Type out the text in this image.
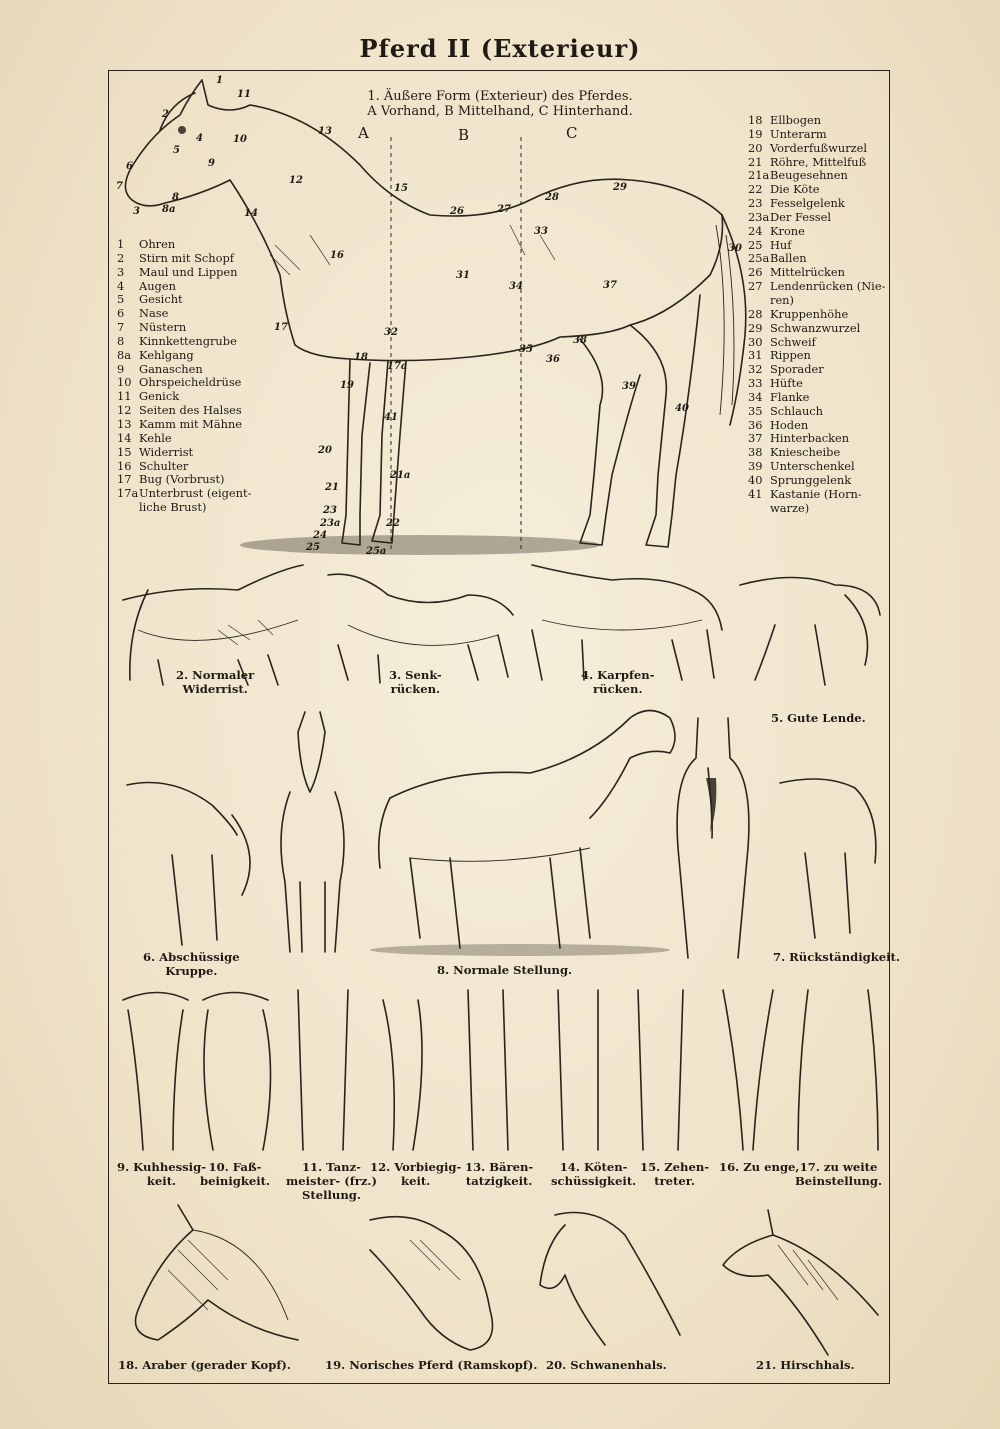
Pferd II (Exterieur)
1. Äußere Form (Exterieur) des Pferdes.
A Vorhand, B Mittelhand, C Hinterhand.
A	B	C
1 Ohren
2 Stirn mit Schopf
3 Maul und Lippen
4 Augen
5 Gesicht
6 Nase
7 Nüstern
8 Kinnkettengrube
8a Kehlgang
9 Ganaschen
10 Ohrspeicheldrüse
11 Genick
12 Seiten des Halses
13 Kamm mit Mähne
14 Kehle
15 Widerrist
16 Schulter
17 Bug (Vorbrust)
17aUnterbrust (eigent-
liche Brust)
18 Ellbogen
19 Unterarm
20 Vorderfußwurzel
21 Röhre, Mittelfuß
21aBeugesehnen
22 Die Köte
23 Fesselgelenk
23aDer Fessel
24 Krone
25 Huf
25aBallen
26 Mittelrücken
27 Lendenrücken (Nie-
ren)
28 Kruppenhöhe
29 Schwanzwurzel
30 Schweif
31 Rippen
32 Sporader
33 Hüfte
34 Flanke
35 Schlauch
36 Hoden
37 Hinterbacken
38 Kniescheibe
39 Unterschenkel
40 Sprunggelenk
41 Kastanie (Horn-
warze)
1
2
3
4
5
6
7
8
8a
9
10
11
12
13
14
15
16
17
17a
18
19
20
21
21a
22
23
23a
24
25	25a
26	27
28
29
30
31
32
33
34
35
36
37
38
39
40
41
2. Normaler
Widerrist.
3. Senk-
rücken.
4. Karpfen-
rücken.
5. Gute Lende.
6. Abschüssige
Kruppe.
7. Rückständigkeit.
8. Normale Stellung.
9. Kuhhessig-
keit.
10. Faß-
beinigkeit.
11. Tanz-
meister- (frz.)
Stellung.
12. Vorbiegig-
keit.
13. Bären-
tatzigkeit.
14. Köten-
schüssigkeit.
15. Zehen-
treter.
16. Zu enge, 17. zu weite
Beinstellung.
18. Araber (gerader Kopf).	19. Norisches Pferd (Ramskopf). 20. Schwanenhals.	21. Hirschhals.
